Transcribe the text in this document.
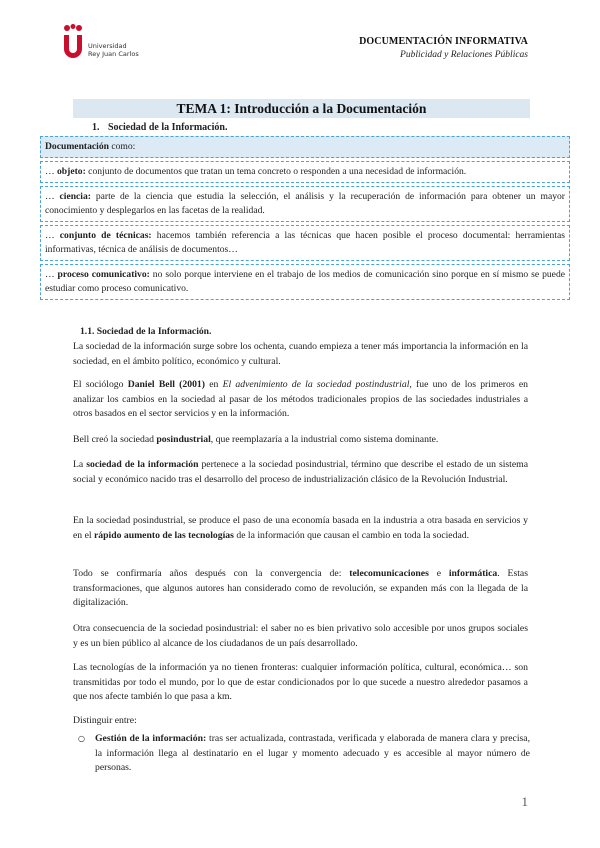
Universidad
Rey Juan Carlos
DOCUMENTACIÓN INFORMATIVA
Publicidad y Relaciones Públicas
TEMA 1: Introducción a la Documentación
1. Sociedad de la Información.
Documentación como:
… objeto: conjunto de documentos que tratan un tema concreto o responden a una necesidad de información.
… ciencia: parte de la ciencia que estudia la selección, el análisis y la recuperación de información para obtener un mayor conocimiento y desplegarlos en las facetas de la realidad.
… conjunto de técnicas: hacemos también referencia a las técnicas que hacen posible el proceso documental: herramientas informativas, técnica de análisis de documentos…
… proceso comunicativo: no solo porque interviene en el trabajo de los medios de comunicación sino porque en sí mismo se puede estudiar como proceso comunicativo.
1.1. Sociedad de la Información.
La sociedad de la información surge sobre los ochenta, cuando empieza a tener más importancia la información en la sociedad, en el ámbito político, económico y cultural.
El sociólogo Daniel Bell (2001) en El advenimiento de la sociedad postindustrial, fue uno de los primeros en analizar los cambios en la sociedad al pasar de los métodos tradicionales propios de las sociedades industriales a otros basados en el sector servicios y en la información.
Bell creó la sociedad posindustrial, que reemplazaría a la industrial como sistema dominante.
La sociedad de la información pertenece a la sociedad posindustrial, término que describe el estado de un sistema social y económico nacido tras el desarrollo del proceso de industrialización clásico de la Revolución Industrial.
En la sociedad posindustrial, se produce el paso de una economía basada en la industria a otra basada en servicios y en el rápido aumento de las tecnologías de la información que causan el cambio en toda la sociedad.
Todo se confirmaría años después con la convergencia de: telecomunicaciones e informática. Estas transformaciones, que algunos autores han considerado como de revolución, se expanden más con la llegada de la digitalización.
Otra consecuencia de la sociedad posindustrial: el saber no es bien privativo solo accesible por unos grupos sociales y es un bien público al alcance de los ciudadanos de un país desarrollado.
Las tecnologías de la información ya no tienen fronteras: cualquier información política, cultural, económica… son transmitidas por todo el mundo, por lo que de estar condicionados por lo que sucede a nuestro alrededor pasamos a que nos afecte también lo que pasa a km.
Distinguir entre:
○ Gestión de la información: tras ser actualizada, contrastada, verificada y elaborada de manera clara y precisa, la información llega al destinatario en el lugar y momento adecuado y es accesible al mayor número de personas.
1
